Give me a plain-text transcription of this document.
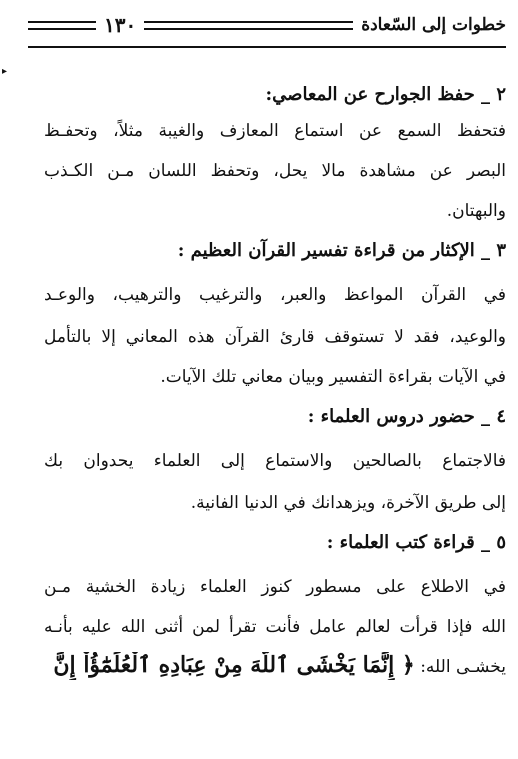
خطوات إلى السّعادة
١٣٠
▸
٢ _ حفظ الجوارح عن المعاصي:
فتحفظ السمع عن استماع المعازف والغيبة مثلاً، وتحفـظ
البصر عن مشاهدة مالا يحل، وتحفظ اللسان مـن الكـذب
والبهتان.
٣ _ الإكثار من قراءة تفسير القرآن العظيم :
في القرآن المواعظ والعبر، والترغيب والترهيب، والوعـد
والوعيد، فقد لا تستوقف قارئ القرآن هذه المعاني إلا بالتأمل
في الآيات بقراءة التفسير وبيان معاني تلك الآيات.
٤ _ حضور دروس العلماء :
فالاجتماع بالصالحين والاستماع إلى العلماء يحدوان بك
إلى طريق الآخرة، ويزهدانك في الدنيا الفانية.
٥ _ قراءة كتب العلماء :
في الاطلاع على مسطور كنوز العلماء زيادة الخشية مـن
الله فإذا قرأت لعالم عامل فأنت تقرأ لمن أثنى الله عليه بأنـه
يخشـى الله: ﴿ إِنَّمَا يَخْشَى ٱللَّهَ مِنْ عِبَادِهِ ٱلْعُلَمَٰٓؤُاْ إِنَّ
